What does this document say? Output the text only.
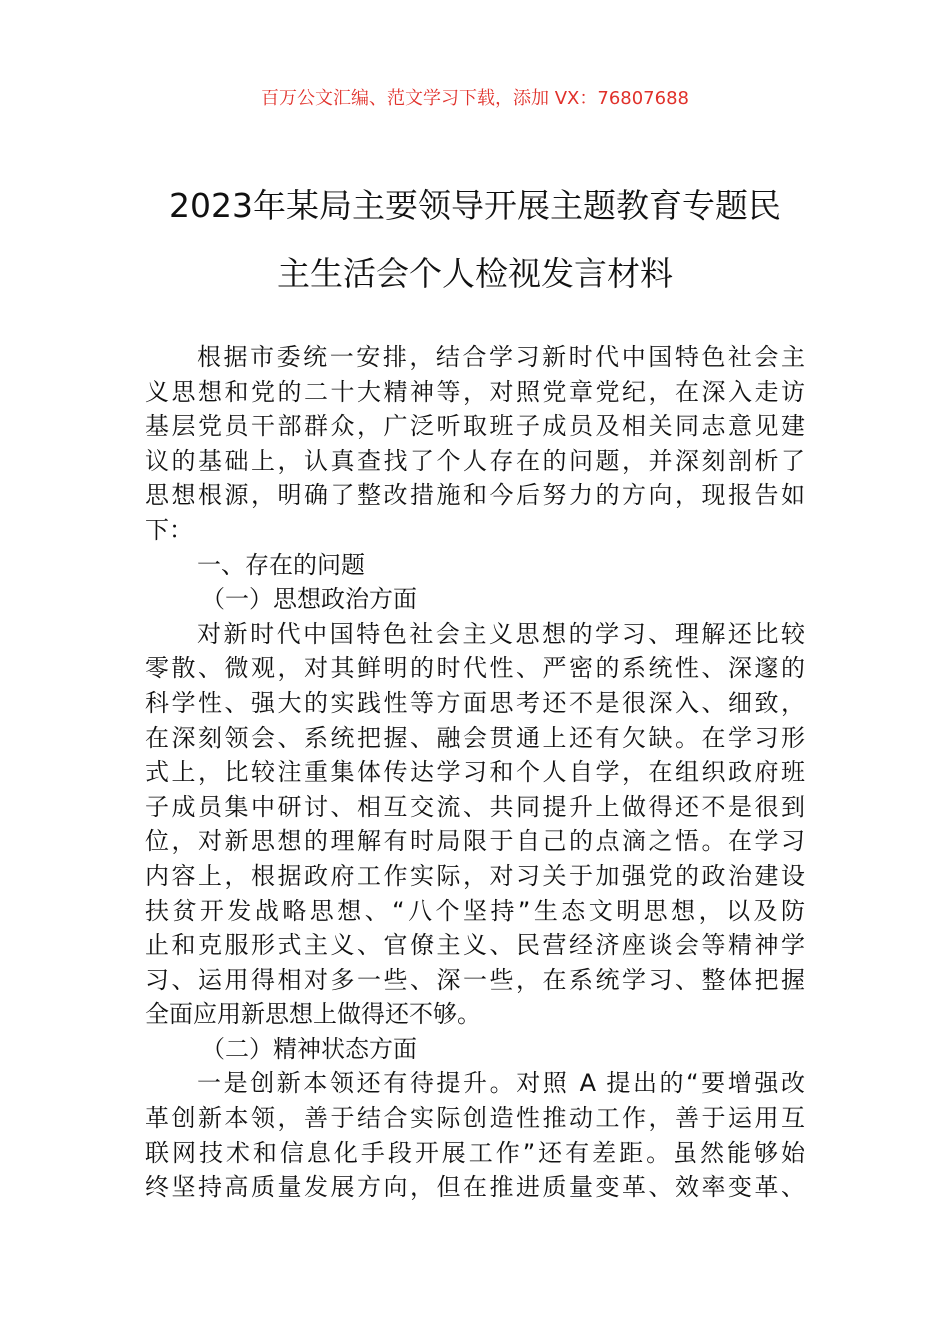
百万公文汇编、范文学习下载，添加 VX：76807688
2023年某局主要领导开展主题教育专题民
主生活会个人检视发言材料
根据市委统一安排，结合学习新时代中国特色社会主
义思想和党的二十大精神等，对照党章党纪，在深入走访
基层党员干部群众，广泛听取班子成员及相关同志意见建
议的基础上，认真查找了个人存在的问题，并深刻剖析了
思想根源，明确了整改措施和今后努力的方向，现报告如
下：
一、存在的问题
（一）思想政治方面
对新时代中国特色社会主义思想的学习、理解还比较
零散、微观，对其鲜明的时代性、严密的系统性、深邃的
科学性、强大的实践性等方面思考还不是很深入、细致，
在深刻领会、系统把握、融会贯通上还有欠缺。在学习形
式上，比较注重集体传达学习和个人自学，在组织政府班
子成员集中研讨、相互交流、共同提升上做得还不是很到
位，对新思想的理解有时局限于自己的点滴之悟。在学习
内容上，根据政府工作实际，对习关于加强党的政治建设
扶贫开发战略思想、“八个坚持”生态文明思想，以及防
止和克服形式主义、官僚主义、民营经济座谈会等精神学
习、运用得相对多一些、深一些，在系统学习、整体把握
全面应用新思想上做得还不够。
（二）精神状态方面
一是创新本领还有待提升。对照 A 提出的“要增强改
革创新本领，善于结合实际创造性推动工作，善于运用互
联网技术和信息化手段开展工作”还有差距。虽然能够始
终坚持高质量发展方向，但在推进质量变革、效率变革、
